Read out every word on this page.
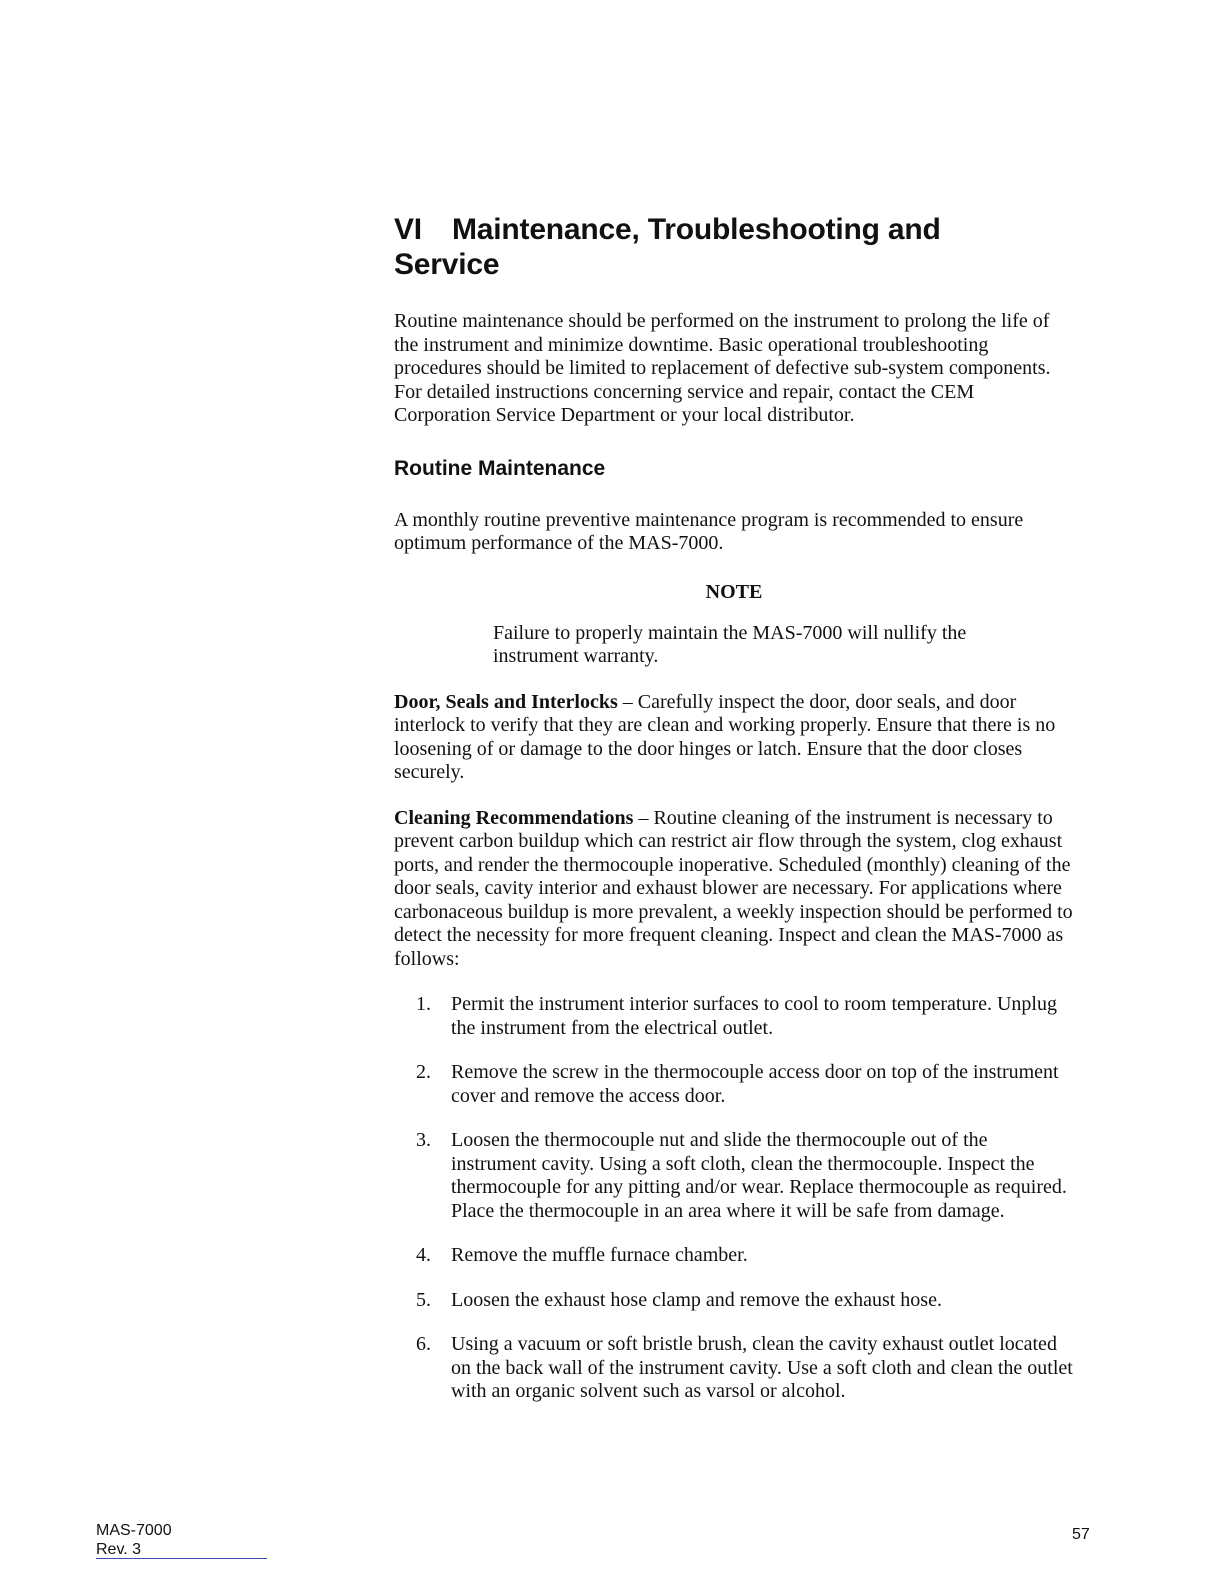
VI Maintenance, Troubleshooting and
Service

Routine maintenance should be performed on the instrument to prolong the life of the instrument and minimize downtime. Basic operational troubleshooting procedures should be limited to replacement of defective sub-system components. For detailed instructions concerning service and repair, contact the CEM Corporation Service Department or your local distributor.

Routine Maintenance

A monthly routine preventive maintenance program is recommended to ensure optimum performance of the MAS-7000.

NOTE

Failure to properly maintain the MAS-7000 will nullify the instrument warranty.

Door, Seals and Interlocks – Carefully inspect the door, door seals, and door interlock to verify that they are clean and working properly. Ensure that there is no loosening of or damage to the door hinges or latch. Ensure that the door closes securely.

Cleaning Recommendations – Routine cleaning of the instrument is necessary to prevent carbon buildup which can restrict air flow through the system, clog exhaust ports, and render the thermocouple inoperative. Scheduled (monthly) cleaning of the door seals, cavity interior and exhaust blower are necessary. For applications where carbonaceous buildup is more prevalent, a weekly inspection should be performed to detect the necessity for more frequent cleaning. Inspect and clean the MAS-7000 as follows:

1. Permit the instrument interior surfaces to cool to room temperature. Unplug the instrument from the electrical outlet.
2. Remove the screw in the thermocouple access door on top of the instrument cover and remove the access door.
3. Loosen the thermocouple nut and slide the thermocouple out of the instrument cavity. Using a soft cloth, clean the thermocouple. Inspect the thermocouple for any pitting and/or wear. Replace thermocouple as required. Place the thermocouple in an area where it will be safe from damage.
4. Remove the muffle furnace chamber.
5. Loosen the exhaust hose clamp and remove the exhaust hose.
6. Using a vacuum or soft bristle brush, clean the cavity exhaust outlet located on the back wall of the instrument cavity. Use a soft cloth and clean the outlet with an organic solvent such as varsol or alcohol.
MAS-7000
Rev. 3
57
